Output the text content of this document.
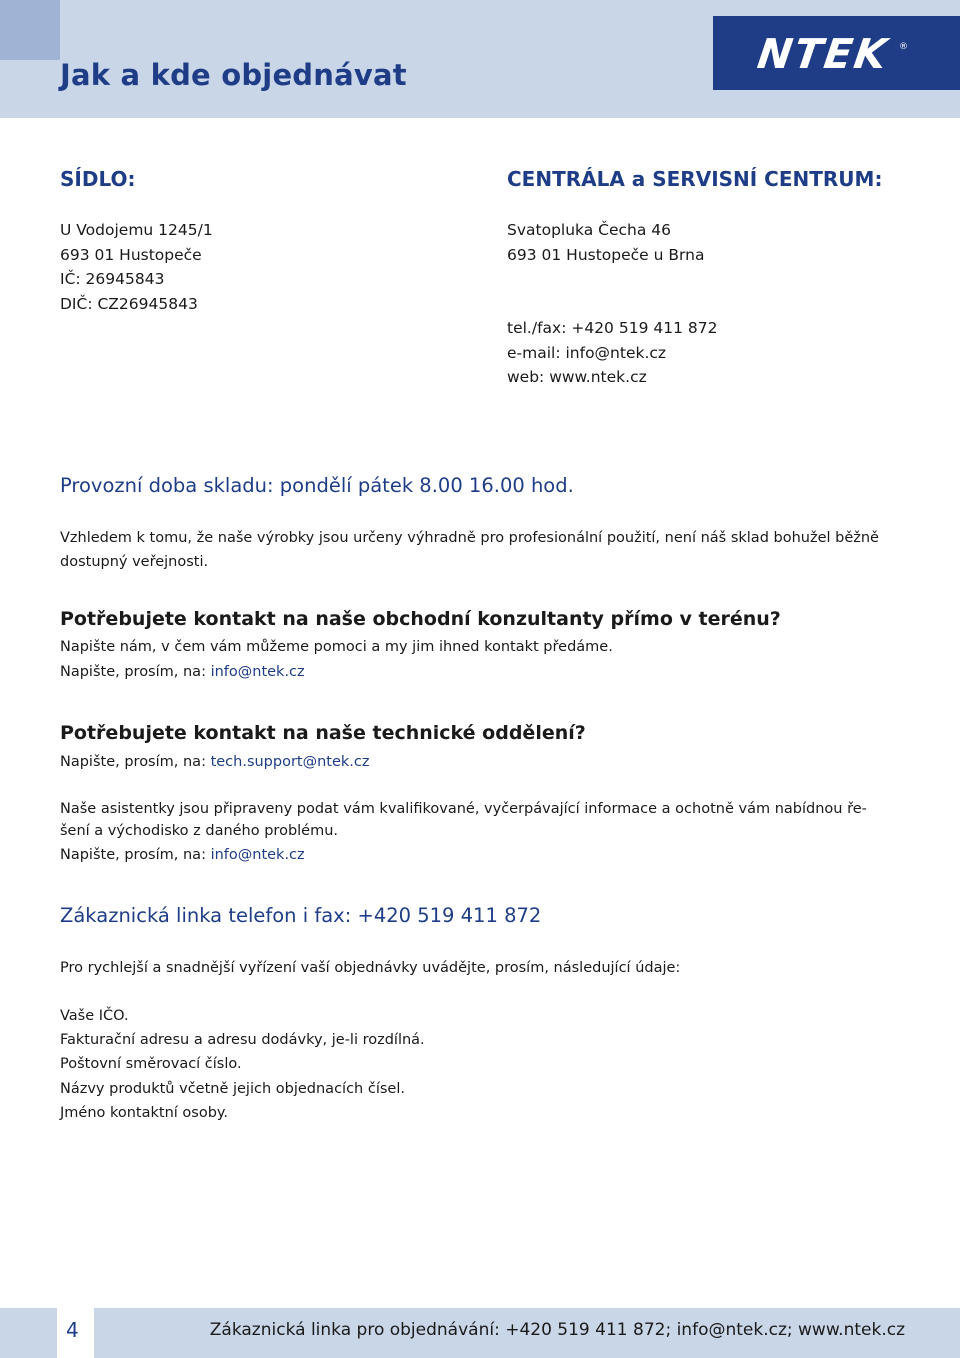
Jak a kde objednávat	NTEK ®
SÍDLO:
U Vodojemu 1245/1
693 01 Hustopeče
IČ: 26945843
DIČ: CZ26945843
CENTRÁLA a SERVISNÍ CENTRUM:
Svatopluka Čecha 46
693 01 Hustopeče u Brna
tel./fax: +420 519 411 872
e-mail: info@ntek.cz
web: www.ntek.cz
Provozní doba skladu: pondělí pátek 8.00 16.00 hod.
Vzhledem k tomu, že naše výrobky jsou určeny výhradně pro profesionální použití, není náš sklad bohužel běžně dostupný veřejnosti.
Potřebujete kontakt na naše obchodní konzultanty přímo v terénu?
Napište nám, v čem vám můžeme pomoci a my jim ihned kontakt předáme.
Napište, prosím, na: info@ntek.cz
Potřebujete kontakt na naše technické oddělení?
Napište, prosím, na: tech.support@ntek.cz
Naše asistentky jsou připraveny podat vám kvalifikované, vyčerpávající informace a ochotně vám nabídnou ře-
šení a východisko z daného problému.
Napište, prosím, na: info@ntek.cz
Zákaznická linka telefon i fax: +420 519 411 872
Pro rychlejší a snadnější vyřízení vaší objednávky uvádějte, prosím, následující údaje:
Vaše IČO.
Fakturační adresu a adresu dodávky, je-li rozdílná.
Poštovní směrovací číslo.
Názvy produktů včetně jejich objednacích čísel.
Jméno kontaktní osoby.
4	Zákaznická linka pro objednávání: +420 519 411 872; info@ntek.cz; www.ntek.cz
